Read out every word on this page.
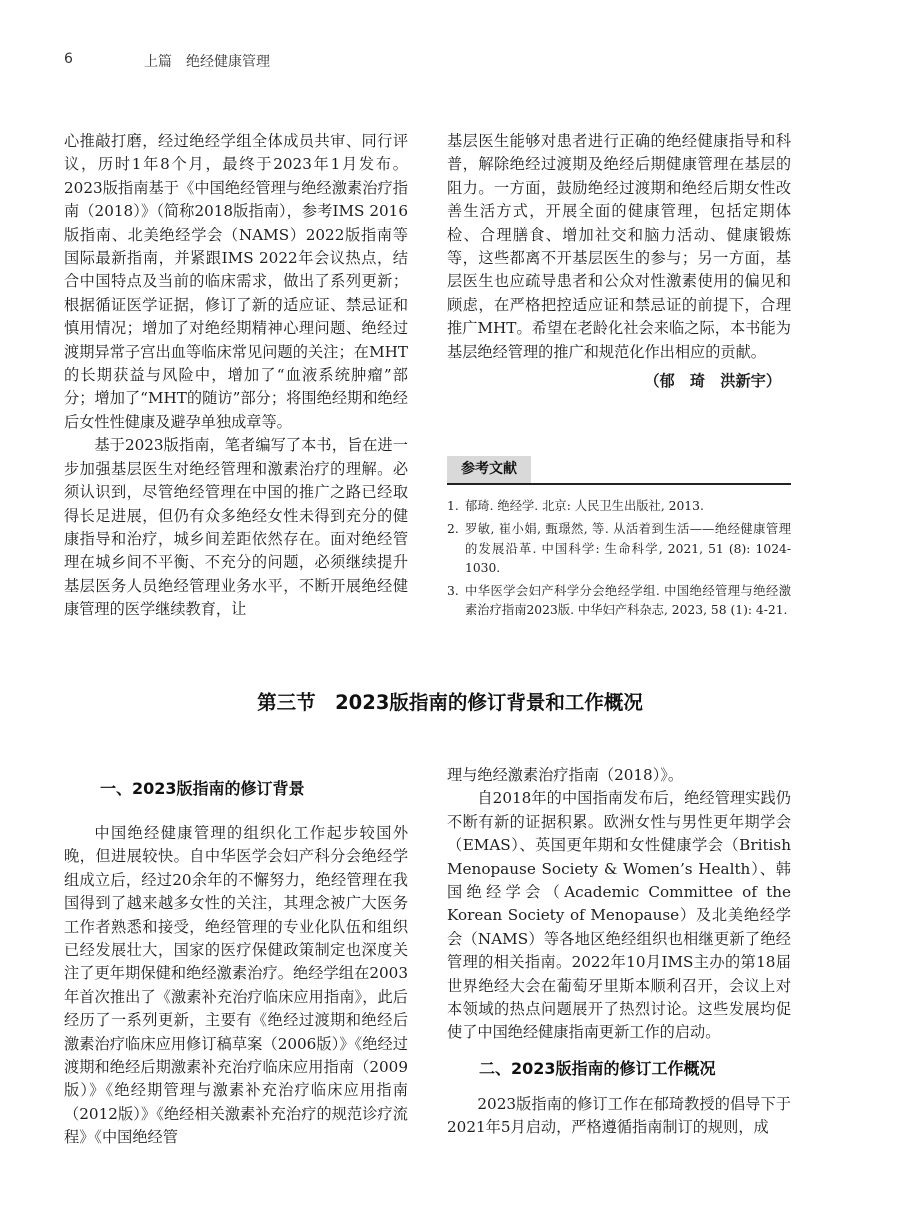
6	上篇　绝经健康管理

心推敲打磨，经过绝经学组全体成员共审、同行评议，历时1年8个月，最终于2023年1月发布。2023版指南基于《中国绝经管理与绝经激素治疗指南（2018）》（简称2018版指南），参考IMS 2016版指南、北美绝经学会（NAMS）2022版指南等国际最新指南，并紧跟IMS 2022年会议热点，结合中国特点及当前的临床需求，做出了系列更新；根据循证医学证据，修订了新的适应证、禁忌证和慎用情况；增加了对绝经期精神心理问题、绝经过渡期异常子宫出血等临床常见问题的关注；在MHT的长期获益与风险中，增加了“血液系统肿瘤”部分；增加了“MHT的随访”部分；将围绝经期和绝经后女性性健康及避孕单独成章等。

基于2023版指南，笔者编写了本书，旨在进一步加强基层医生对绝经管理和激素治疗的理解。必须认识到，尽管绝经管理在中国的推广之路已经取得长足进展，但仍有众多绝经女性未得到充分的健康指导和治疗，城乡间差距依然存在。面对绝经管理在城乡间不平衡、不充分的问题，必须继续提升基层医务人员绝经管理业务水平，不断开展绝经健康管理的医学继续教育，让

基层医生能够对患者进行正确的绝经健康指导和科普，解除绝经过渡期及绝经后期健康管理在基层的阻力。一方面，鼓励绝经过渡期和绝经后期女性改善生活方式，开展全面的健康管理，包括定期体检、合理膳食、增加社交和脑力活动、健康锻炼等，这些都离不开基层医生的参与；另一方面，基层医生也应疏导患者和公众对性激素使用的偏见和顾虑，在严格把控适应证和禁忌证的前提下，合理推广MHT。希望在老龄化社会来临之际，本书能为基层绝经管理的推广和规范化作出相应的贡献。

（郁　琦　洪新宇）
参考文献
1. 郁琦. 绝经学. 北京: 人民卫生出版社, 2013.
2. 罗敏, 崔小娟, 甄璟然, 等. 从活着到生活——绝经健康管理的发展沿革. 中国科学: 生命科学, 2021, 51 (8): 1024-1030.
3. 中华医学会妇产科学分会绝经学组. 中国绝经管理与绝经激素治疗指南2023版. 中华妇产科杂志, 2023, 58 (1): 4-21.
第三节　2023版指南的修订背景和工作概况
一、2023版指南的修订背景

中国绝经健康管理的组织化工作起步较国外晚，但进展较快。自中华医学会妇产科分会绝经学组成立后，经过20余年的不懈努力，绝经管理在我国得到了越来越多女性的关注，其理念被广大医务工作者熟悉和接受，绝经管理的专业化队伍和组织已经发展壮大，国家的医疗保健政策制定也深度关注了更年期保健和绝经激素治疗。绝经学组在2003年首次推出了《激素补充治疗临床应用指南》，此后经历了一系列更新，主要有《绝经过渡期和绝经后激素治疗临床应用修订稿草案（2006版）》《绝经过渡期和绝经后期激素补充治疗临床应用指南（2009版）》《绝经期管理与激素补充治疗临床应用指南（2012版）》《绝经相关激素补充治疗的规范诊疗流程》《中国绝经管

理与绝经激素治疗指南（2018）》。

自2018年的中国指南发布后，绝经管理实践仍不断有新的证据积累。欧洲女性与男性更年期学会（EMAS）、英国更年期和女性健康学会（British Menopause Society & Women’s Health）、韩国绝经学会（Academic Committee of the Korean Society of Menopause）及北美绝经学会（NAMS）等各地区绝经组织也相继更新了绝经管理的相关指南。2022年10月IMS主办的第18届世界绝经大会在葡萄牙里斯本顺利召开，会议上对本领域的热点问题展开了热烈讨论。这些发展均促使了中国绝经健康指南更新工作的启动。

二、2023版指南的修订工作概况

2023版指南的修订工作在郁琦教授的倡导下于2021年5月启动，严格遵循指南制订的规则，成
